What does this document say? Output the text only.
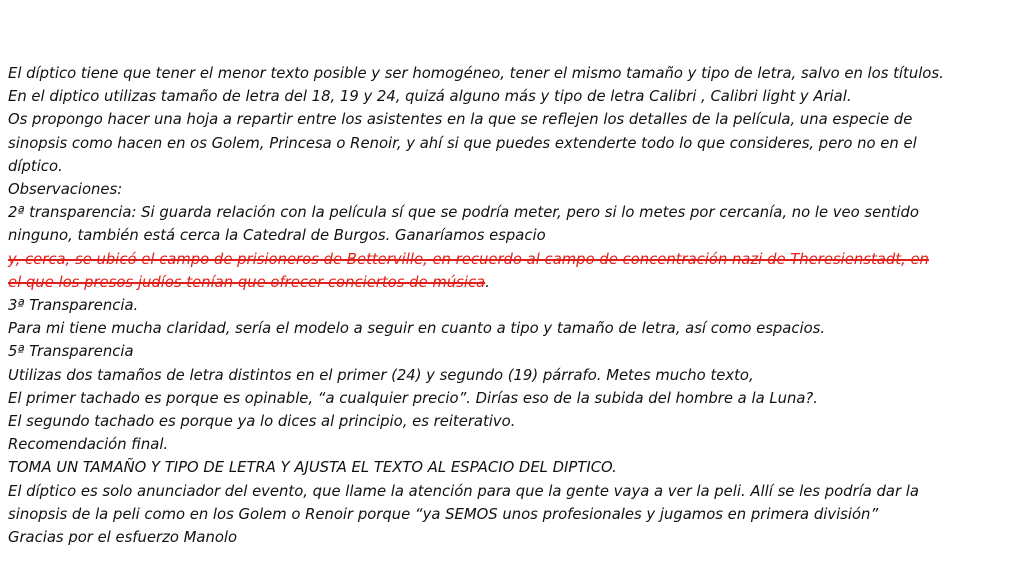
El díptico tiene que tener el menor texto posible y ser homogéneo, tener el mismo tamaño y tipo de letra, salvo en los títulos.
En el diptico utilizas tamaño de letra del 18, 19 y 24, quizá alguno más y tipo de letra Calibri , Calibri light y Arial.
Os propongo hacer una hoja a repartir entre los asistentes en la que se reflejen los detalles de la película, una especie de
sinopsis como hacen en os Golem, Princesa o Renoir, y ahí si que puedes extenderte todo lo que consideres, pero no en el
díptico.
Observaciones:
2ª transparencia: Si guarda relación con la película sí que se podría meter, pero si lo metes por cercanía, no le veo sentido
ninguno, también está cerca la Catedral de Burgos. Ganaríamos espacio
y, cerca, se ubicó el campo de prisioneros de Betterville, en recuerdo al campo de concentración nazi de Theresienstadt, en
el que los presos judíos tenían que ofrecer conciertos de música.
3ª Transparencia.
Para mi tiene mucha claridad, sería el modelo a seguir en cuanto a tipo y tamaño de letra, así como espacios.
5ª Transparencia
Utilizas dos tamaños de letra distintos en el primer (24) y segundo (19) párrafo. Metes mucho texto,
El primer tachado es porque es opinable, “a cualquier precio”. Dirías eso de la subida del hombre a la Luna?.
El segundo tachado es porque ya lo dices al principio, es reiterativo.
Recomendación final.
TOMA UN TAMAÑO Y TIPO DE LETRA Y AJUSTA EL TEXTO AL ESPACIO DEL DIPTICO.
El díptico es solo anunciador del evento, que llame la atención para que la gente vaya a ver la peli. Allí se les podría dar la
sinopsis de la peli como en los Golem o Renoir porque “ya SEMOS unos profesionales y jugamos en primera división”
Gracias por el esfuerzo Manolo
